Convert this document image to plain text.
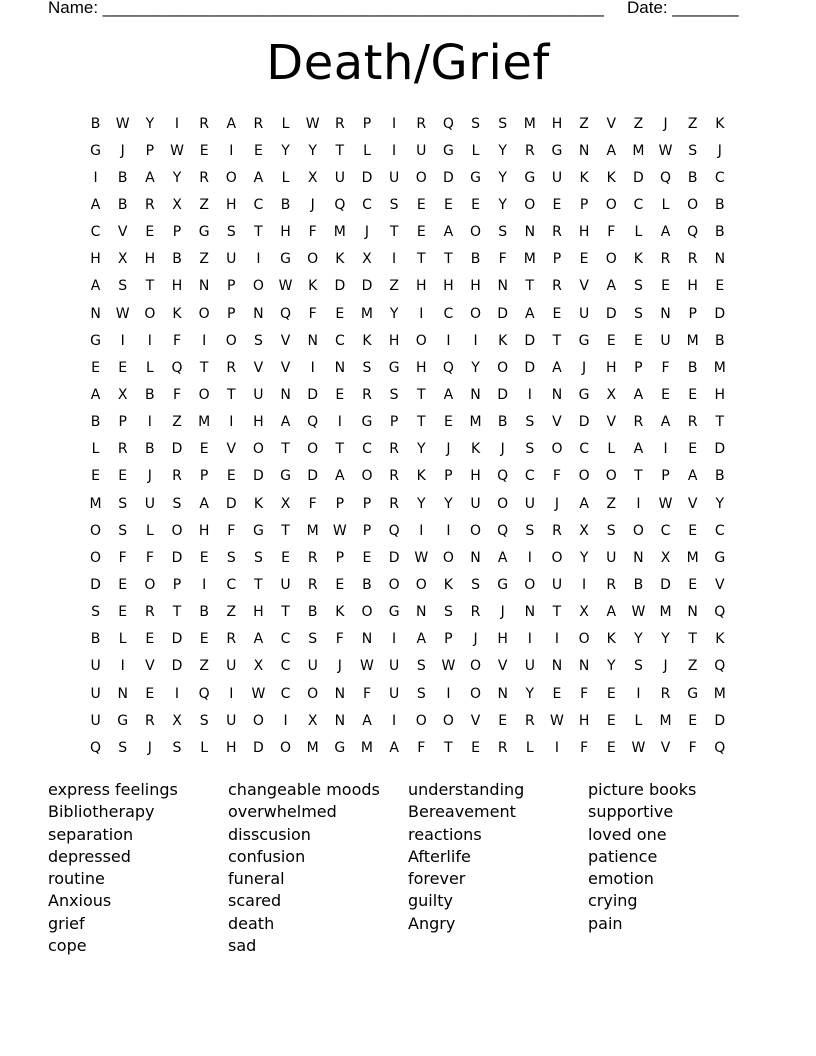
Name: _____________________________________________________ Date: _______
Death/Grief
B	W	Y	I	R	A	R	L	W	R	P	I	R	Q	S	S	M	H	Z	V	Z	J	Z	K
G	J	P	W	E	I	E	Y	Y	T	L	I	U	G	L	Y	R	G	N	A	M	W	S	J
I	B	A	Y	R	O	A	L	X	U	D	U	O	D	G	Y	G	U	K	K	D	Q	B	C
A	B	R	X	Z	H	C	B	J	Q	C	S	E	E	E	Y	O	E	P	O	C	L	O	B
C	V	E	P	G	S	T	H	F	M	J	T	E	A	O	S	N	R	H	F	L	A	Q	B
H	X	H	B	Z	U	I	G	O	K	X	I	T	T	B	F	M	P	E	O	K	R	R	N
A	S	T	H	N	P	O	W	K	D	D	Z	H	H	H	N	T	R	V	A	S	E	H	E
N	W	O	K	O	P	N	Q	F	E	M	Y	I	C	O	D	A	E	U	D	S	N	P	D
G	I	I	F	I	O	S	V	N	C	K	H	O	I	I	K	D	T	G	E	E	U	M	B
E	E	L	Q	T	R	V	V	I	N	S	G	H	Q	Y	O	D	A	J	H	P	F	B	M
A	X	B	F	O	T	U	N	D	E	R	S	T	A	N	D	I	N	G	X	A	E	E	H
B	P	I	Z	M	I	H	A	Q	I	G	P	T	E	M	B	S	V	D	V	R	A	R	T
L	R	B	D	E	V	O	T	O	T	C	R	Y	J	K	J	S	O	C	L	A	I	E	D
E	E	J	R	P	E	D	G	D	A	O	R	K	P	H	Q	C	F	O	O	T	P	A	B
M	S	U	S	A	D	K	X	F	P	P	R	Y	Y	U	O	U	J	A	Z	I	W	V	Y
O	S	L	O	H	F	G	T	M	W	P	Q	I	I	O	Q	S	R	X	S	O	C	E	C
O	F	F	D	E	S	S	E	R	P	E	D	W	O	N	A	I	O	Y	U	N	X	M	G
D	E	O	P	I	C	T	U	R	E	B	O	O	K	S	G	O	U	I	R	B	D	E	V
S	E	R	T	B	Z	H	T	B	K	O	G	N	S	R	J	N	T	X	A	W	M	N	Q
B	L	E	D	E	R	A	C	S	F	N	I	A	P	J	H	I	I	O	K	Y	Y	T	K
U	I	V	D	Z	U	X	C	U	J	W	U	S	W	O	V	U	N	N	Y	S	J	Z	Q
U	N	E	I	Q	I	W	C	O	N	F	U	S	I	O	N	Y	E	F	E	I	R	G	M
U	G	R	X	S	U	O	I	X	N	A	I	O	O	V	E	R	W	H	E	L	M	E	D
Q	S	J	S	L	H	D	O	M	G	M	A	F	T	E	R	L	I	F	E	W	V	F	Q
express feelings
Bibliotherapy
separation
depressed
routine
Anxious
grief
cope
changeable moods
overwhelmed
disscusion
confusion
funeral
scared
death
sad
understanding
Bereavement
reactions
Afterlife
forever
guilty
Angry
picture books
supportive
loved one
patience
emotion
crying
pain
